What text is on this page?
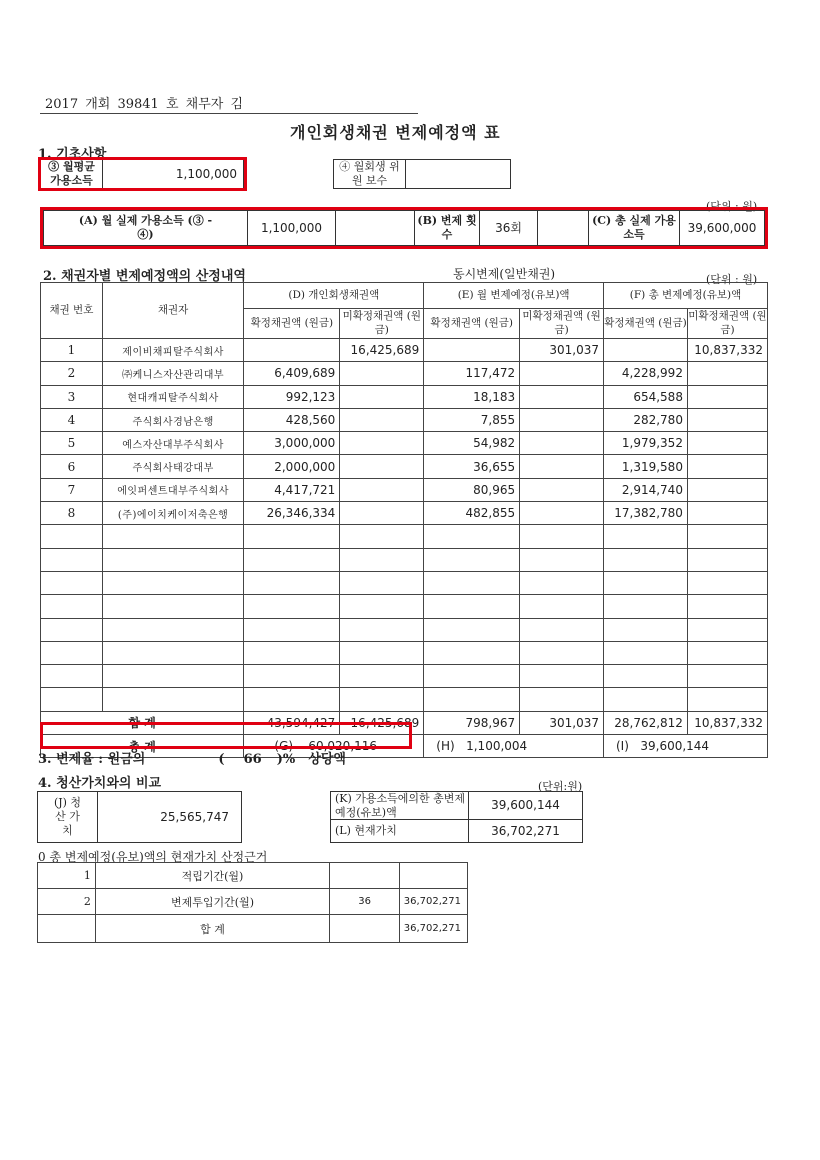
2017 개회 39841 호 채무자 김
개인회생채권 변제예정액 표
1. 기초사항
③ 월평균 가용소득	1,100,000	④ 월회생 위원 보수
(단위 : 원)
(A) 월 실제 가용소득 (③ - ④)	1,100,000	(B) 변제 횟수	36회	(C) 총 실제 가용소득	39,600,000
2. 채권자별 변제예정액의 산정내역	동시변제(일반채권)	(단위 : 원)
채권 번호	채권자	(D) 개인회생채권액		(E) 월 변제예정(유보)액		(F) 총 변제예정(유보)액	
		확정채권액 (원금)	미확정채권액 (원금)	확정채권액 (원금)	미확정채권액 (원금)	확정채권액 (원금)	미확정채권액 (원금)
1	제이비채피탈주식회사		16,425,689		301,037		10,837,332
2	㈜케니스자산관리대부	6,409,689		117,472		4,228,992	
3	현대캐피탈주식회사	992,123		18,183		654,588	
4	주식회사경남은행	428,560		7,855		282,780	
5	예스자산대부주식회사	3,000,000		54,982		1,979,352	
6	주식회사태강대부	2,000,000		36,655		1,319,580	
7	에잇퍼센트대부주식회사	4,417,721		80,965		2,914,740	
8	(주)에이치케이저축은행	26,346,334		482,855		17,382,780	

합 계		43,594,427	16,425,689	798,967	301,037	28,762,812	10,837,332
총 계		(G) 60,020,116		(H) 1,100,004		(I) 39,600,144	
3. 변제율 : 원금의	( 66 )% 상당액
4. 청산가치와의 비교	(단위:원)
(J) 청산 가치
25,565,747
(K) 가용소득에의한 총변제예정(유보)액	39,600,144
(L) 현재가치	36,702,271
0 총 변제예정(유보)액의 현재가치 산정근거
1	적립기간(월)		
2	변제투입기간(월)	36	36,702,271
	합 계		36,702,271
